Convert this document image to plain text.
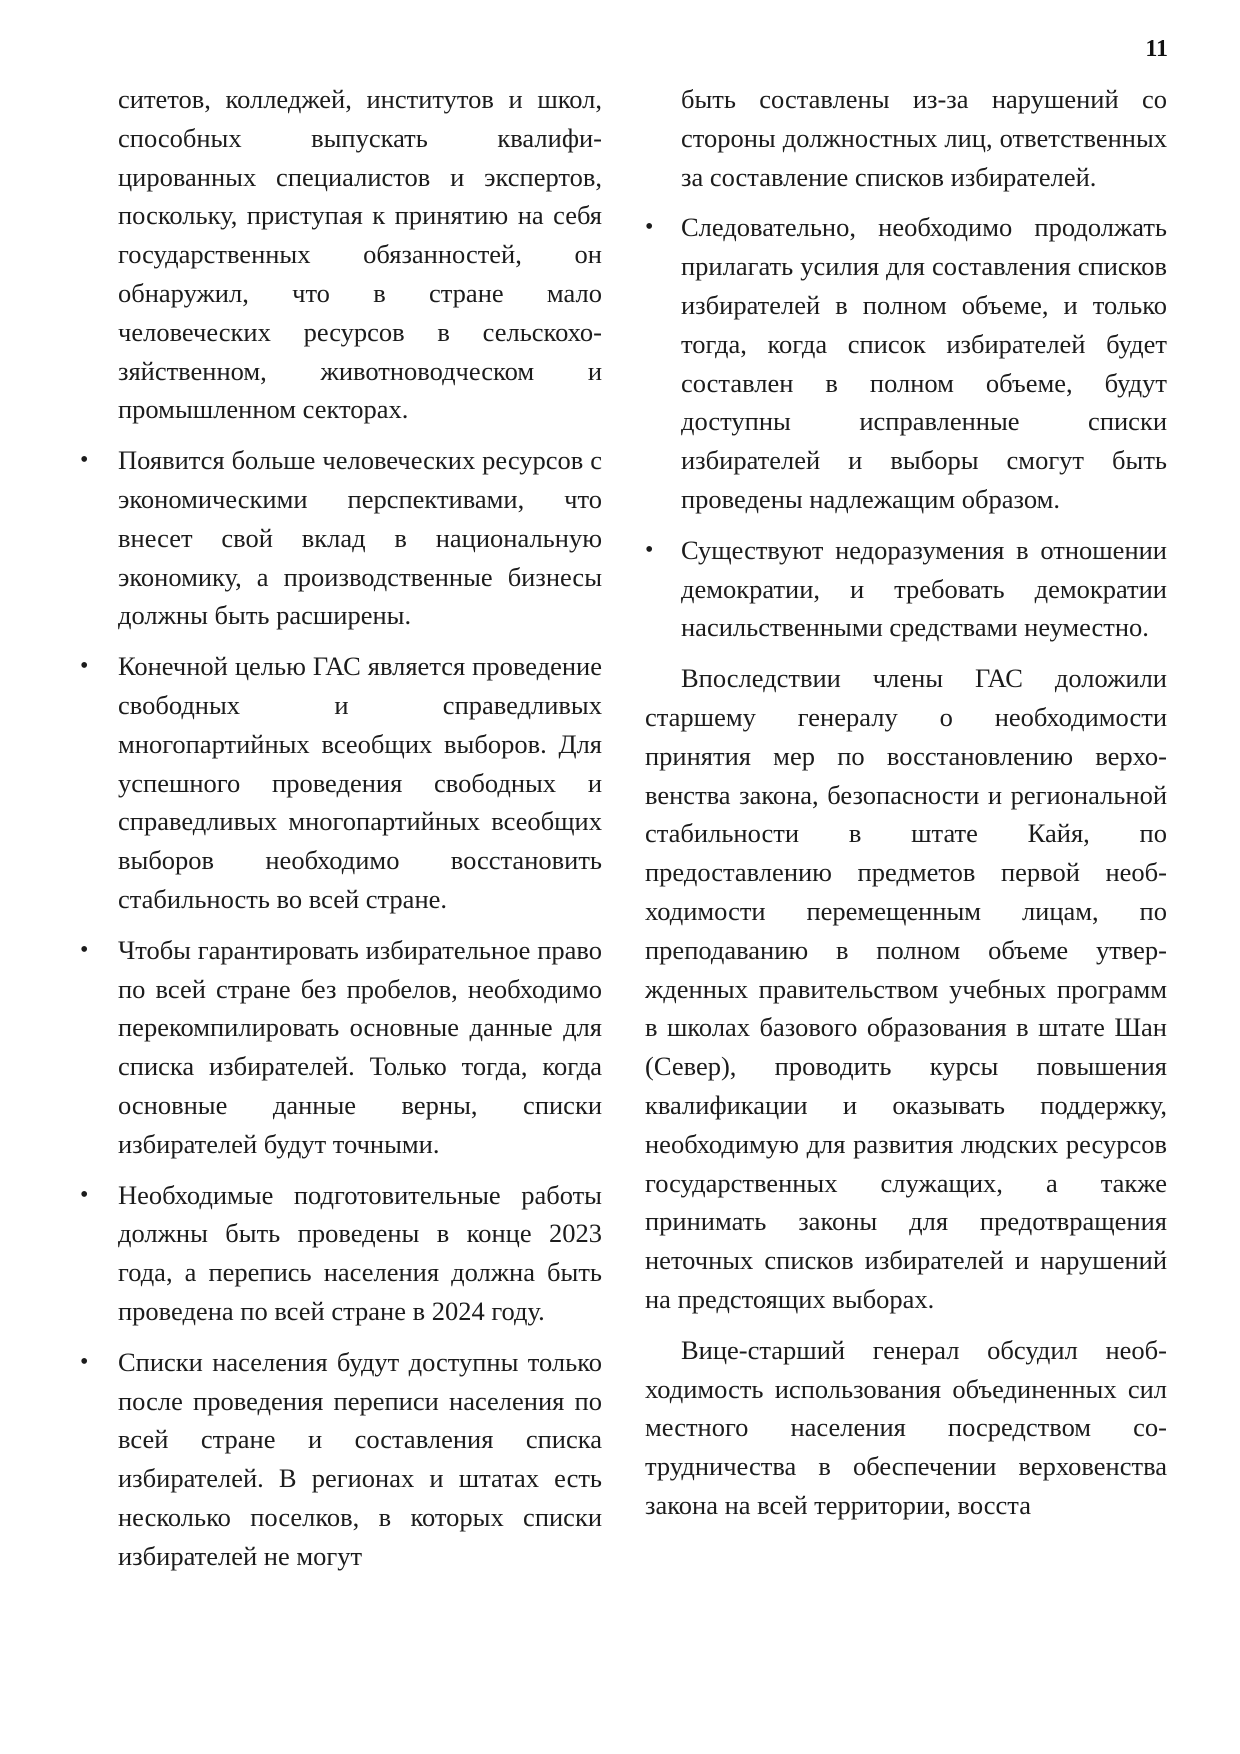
11

ситетов, колледжей, институтов и школ, способных выпускать квалифицированных специалистов и экспертов, поскольку, приступая к принятию на себя государственных обязанностей, он обнаружил, что в стране мало человеческих ресурсов в сельскохозяйственном, животноводческом и промышленном секторах.

• Появится больше человеческих ресурсов с экономическими перспективами, что внесет свой вклад в национальную экономику, а производственные бизнесы должны быть расширены.
• Конечной целью ГАС является проведение свободных и справедливых многопартийных всеобщих выборов. Для успешного проведения свободных и справедливых многопартийных всеобщих выборов необходимо восстановить стабильность во всей стране.
• Чтобы гарантировать избирательное право по всей стране без пробелов, необходимо перекомпилировать основные данные для списка избирателей. Только тогда, когда основные данные верны, списки избирателей будут точными.
• Необходимые подготовительные работы должны быть проведены в конце 2023 года, а перепись населения должна быть проведена по всей стране в 2024 году.
• Списки населения будут доступны только после проведения переписи населения по всей стране и составления списка избирателей. В регионах и штатах есть несколько поселков, в которых списки избирателей не могут

быть составлены из-за нарушений со стороны должностных лиц, ответственных за составление списков избирателей.

• Следовательно, необходимо продолжать прилагать усилия для составления списков избирателей в полном объеме, и только тогда, когда список избирателей будет составлен в полном объеме, будут доступны исправленные списки избирателей и выборы смогут быть проведены надлежащим образом.
• Существуют недоразумения в отношении демократии, и требовать демократии насильственными средствами неуместно.

Впоследствии члены ГАС доложили старшему генералу о необходимости принятия мер по восстановлению верховенства закона, безопасности и региональной стабильности в штате Кайя, по предоставлению предметов первой необходимости перемещенным лицам, по преподаванию в полном объеме утвержденных правительством учебных программ в школах базового образования в штате Шан (Север), проводить курсы повышения квалификации и оказывать поддержку, необходимую для развития людских ресурсов государственных служащих, а также принимать законы для предотвращения неточных списков избирателей и нарушений на предстоящих выборах.

Вице-старший генерал обсудил необходимость использования объединенных сил местного населения посредством сотрудничества в обеспечении верховенства закона на всей территории, восста
